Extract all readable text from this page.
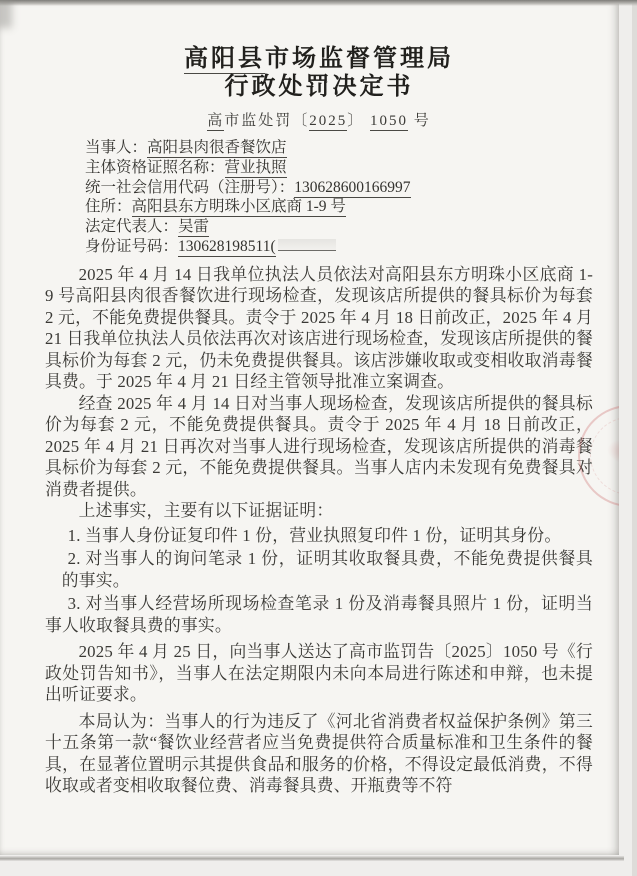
高阳县市场监督管理局
行政处罚决定书
高市监处罚〔2025〕 1050 号
当事人：高阳县肉很香餐饮店
主体资格证照名称：营业执照
统一社会信用代码（注册号）：130628600166997
住所：高阳县东方明珠小区底商 1-9 号
法定代表人：吴雷
身份证号码：130628198511(

2025 年 4 月 14 日我单位执法人员依法对高阳县东方明珠小区底商 1-9 号高阳县肉很香餐饮进行现场检查，发现该店所提供的餐具标价为每套 2 元，不能免费提供餐具。责令于 2025 年 4 月 18 日前改正，2025 年 4 月 21 日我单位执法人员依法再次对该店进行现场检查，发现该店所提供的餐具标价为每套 2 元，仍未免费提供餐具。该店涉嫌收取或变相收取消毒餐具费。于 2025 年 4 月 21 日经主管领导批准立案调查。

经查 2025 年 4 月 14 日对当事人现场检查，发现该店所提供的餐具标价为每套 2 元，不能免费提供餐具。责令于 2025 年 4 月 18 日前改正，2025 年 4 月 21 日再次对当事人进行现场检查，发现该店所提供的消毒餐具标价为每套 2 元，不能免费提供餐具。当事人店内未发现有免费餐具对消费者提供。

上述事实，主要有以下证据证明：

1. 当事人身份证复印件 1 份，营业执照复印件 1 份，证明其身份。

2. 对当事人的询问笔录 1 份，证明其收取餐具费，不能免费提供餐具的事实。

3. 对当事人经营场所现场检查笔录 1 份及消毒餐具照片 1 份，证明当事人收取餐具费的事实。

2025 年 4 月 25 日，向当事人送达了高市监罚告〔2025〕1050 号《行政处罚告知书》，当事人在法定期限内未向本局进行陈述和申辩，也未提出听证要求。

本局认为：当事人的行为违反了《河北省消费者权益保护条例》第三十五条第一款“餐饮业经营者应当免费提供符合质量标准和卫生条件的餐具，在显著位置明示其提供食品和服务的价格，不得设定最低消费，不得收取或者变相收取餐位费、消毒餐具费、开瓶费等不符
